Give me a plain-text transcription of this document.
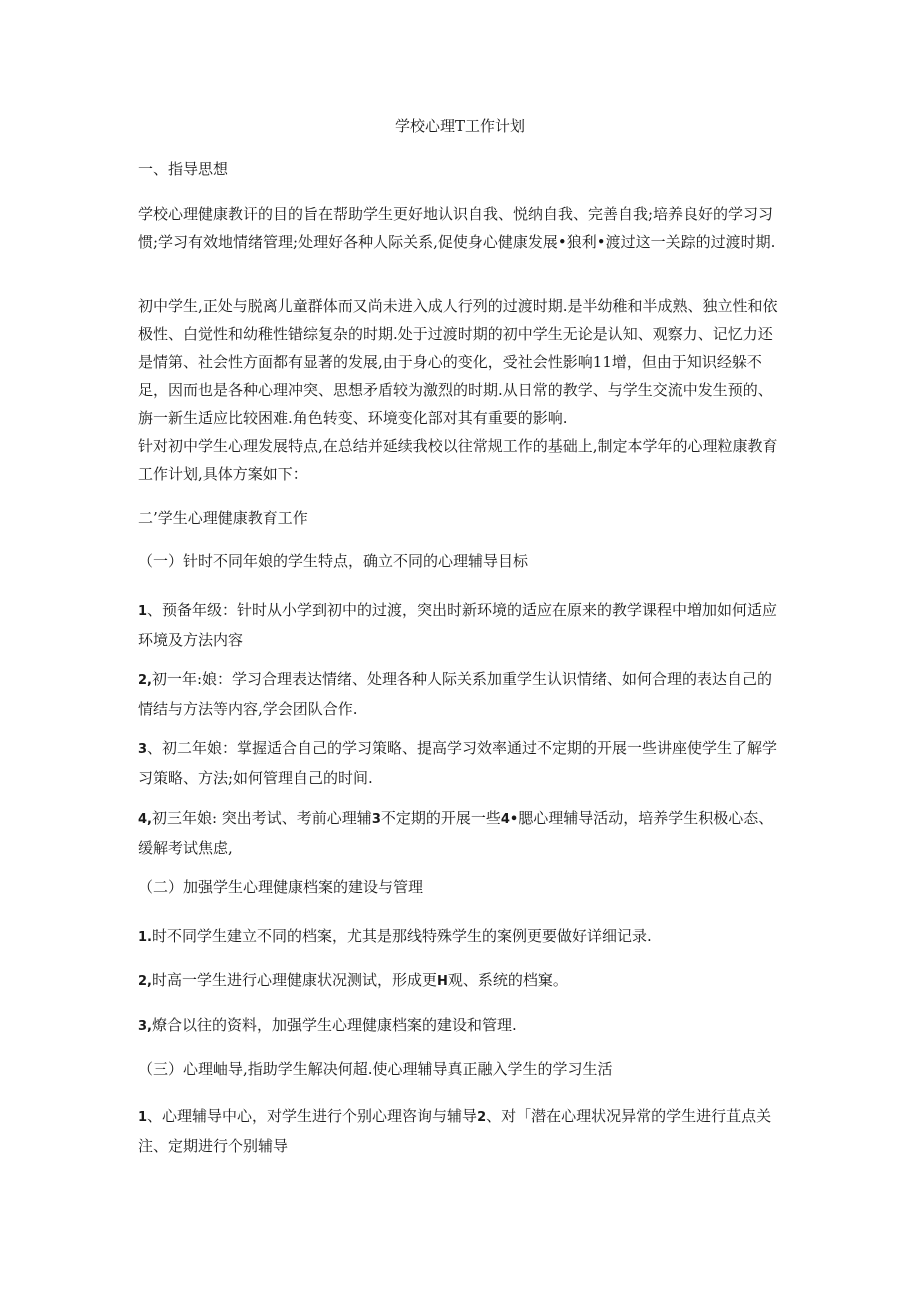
学校心理T工作计划

一、指导思想

学校心理健康教讦的目的旨在帮助学生更好地认识自我、悦纳自我、完善自我;培养良好的学习习惯;学习有效地情绪管理;处理好各种人际关系,促使身心健康发展•狼利•渡过这一关踪的过渡时期.

初中学生,正处与脱离儿童群体而又尚未进入成人行列的过渡时期.是半幼稚和半成熟、独立性和依极性、白觉性和幼稚性错综复杂的时期.处于过渡时期的初中学生无论是认知、观察力、记忆力还是情第、社会性方面都有显著的发展,由于身心的变化，受社会性影响11增，但由于知识经躲不足，因而也是各种心理冲突、思想矛盾较为激烈的时期.从日常的教学、与学生交流中发生预的、旃一新生适应比较困难.角色转变、环境变化部对其有重要的影响.

针对初中学生心理发展特点,在总结并延续我校以往常规工作的基础上,制定本学年的心理粒康教育工作计划,具体方案如下：

二’学生心理健康教育工作

（一）针时不同年娘的学生特点，确立不同的心理辅导目标

1、预备年级：针时从小学到初中的过渡，突出时新环境的适应在原来的教学课程中増加如何适应环境及方法内容

2,初一年:娘：学习合理表达情绪、处理各种人际关系加重学生认识情绪、如何合理的表达自己的情结与方法等内容,学会团队合作.

3、初二年娘：掌握适合自己的学习策略、提高学习效率通过不定期的开展一些讲座使学生了解学习策略、方法;如何管理自己的时间.

4,初三年娘: 突出考试、考前心理辅3不定期的开展一些4•腮心理辅导活动，培养学生积极心态、缓解考试焦虑,

（二）加强学生心理健康档案的建设与管理

1.时不同学生建立不同的档案，尤其是那线特殊学生的案例更要做好详细记录.

2,时高一学生进行心理健康状况测试，形成更H观、系统的档窠。

3,燎合以往的资料，加强学生心理健康档案的建设和管理.

（三）心理岫导,指助学生解决何超.使心理辅导真正融入学生的学习生活

1、心理辅导中心，对学生进行个别心理咨询与辅导2、对「潜在心理状况异常的学生进行苴点关注、定期进行个别辅导
